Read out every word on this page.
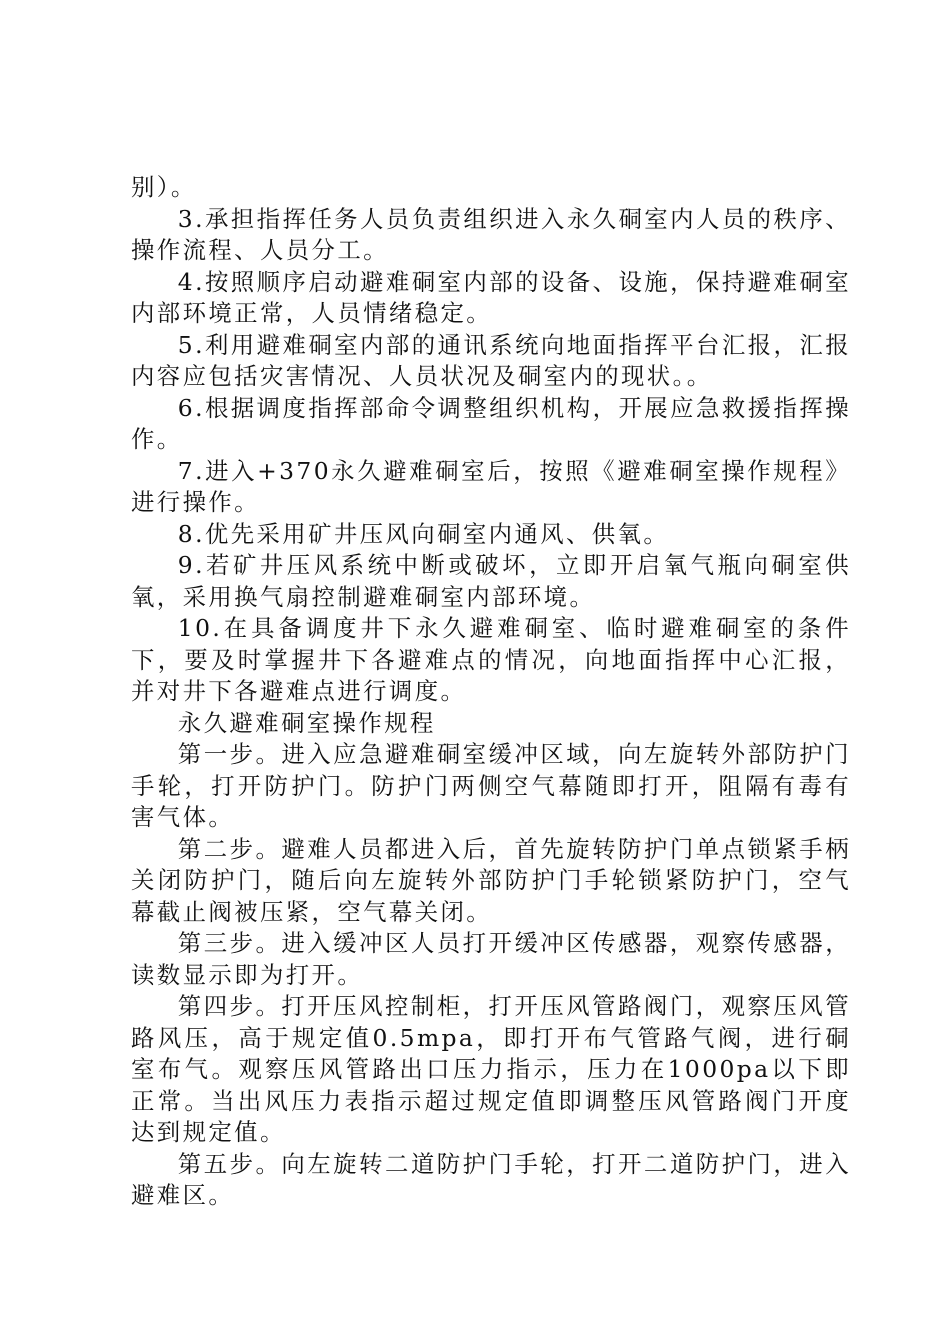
别）。

3.承担指挥任务人员负责组织进入永久硐室内人员的秩序、操作流程、人员分工。

4.按照顺序启动避难硐室内部的设备、设施，保持避难硐室内部环境正常，人员情绪稳定。

5.利用避难硐室内部的通讯系统向地面指挥平台汇报，汇报内容应包括灾害情况、人员状况及硐室内的现状。。

6.根据调度指挥部命令调整组织机构，开展应急救援指挥操作。

7.进入+370永久避难硐室后，按照《避难硐室操作规程》进行操作。

8.优先采用矿井压风向硐室内通风、供氧。

9.若矿井压风系统中断或破坏，立即开启氧气瓶向硐室供氧，采用换气扇控制避难硐室内部环境。

10.在具备调度井下永久避难硐室、临时避难硐室的条件下，要及时掌握井下各避难点的情况，向地面指挥中心汇报，并对井下各避难点进行调度。

永久避难硐室操作规程

第一步。进入应急避难硐室缓冲区域，向左旋转外部防护门手轮，打开防护门。防护门两侧空气幕随即打开，阻隔有毒有害气体。

第二步。避难人员都进入后，首先旋转防护门单点锁紧手柄关闭防护门，随后向左旋转外部防护门手轮锁紧防护门，空气幕截止阀被压紧，空气幕关闭。

第三步。进入缓冲区人员打开缓冲区传感器，观察传感器，读数显示即为打开。

第四步。打开压风控制柜，打开压风管路阀门，观察压风管路风压，高于规定值0.5mpa，即打开布气管路气阀，进行硐室布气。观察压风管路出口压力指示，压力在1000pa以下即正常。当出风压力表指示超过规定值即调整压风管路阀门开度达到规定值。

第五步。向左旋转二道防护门手轮，打开二道防护门，进入避难区。
